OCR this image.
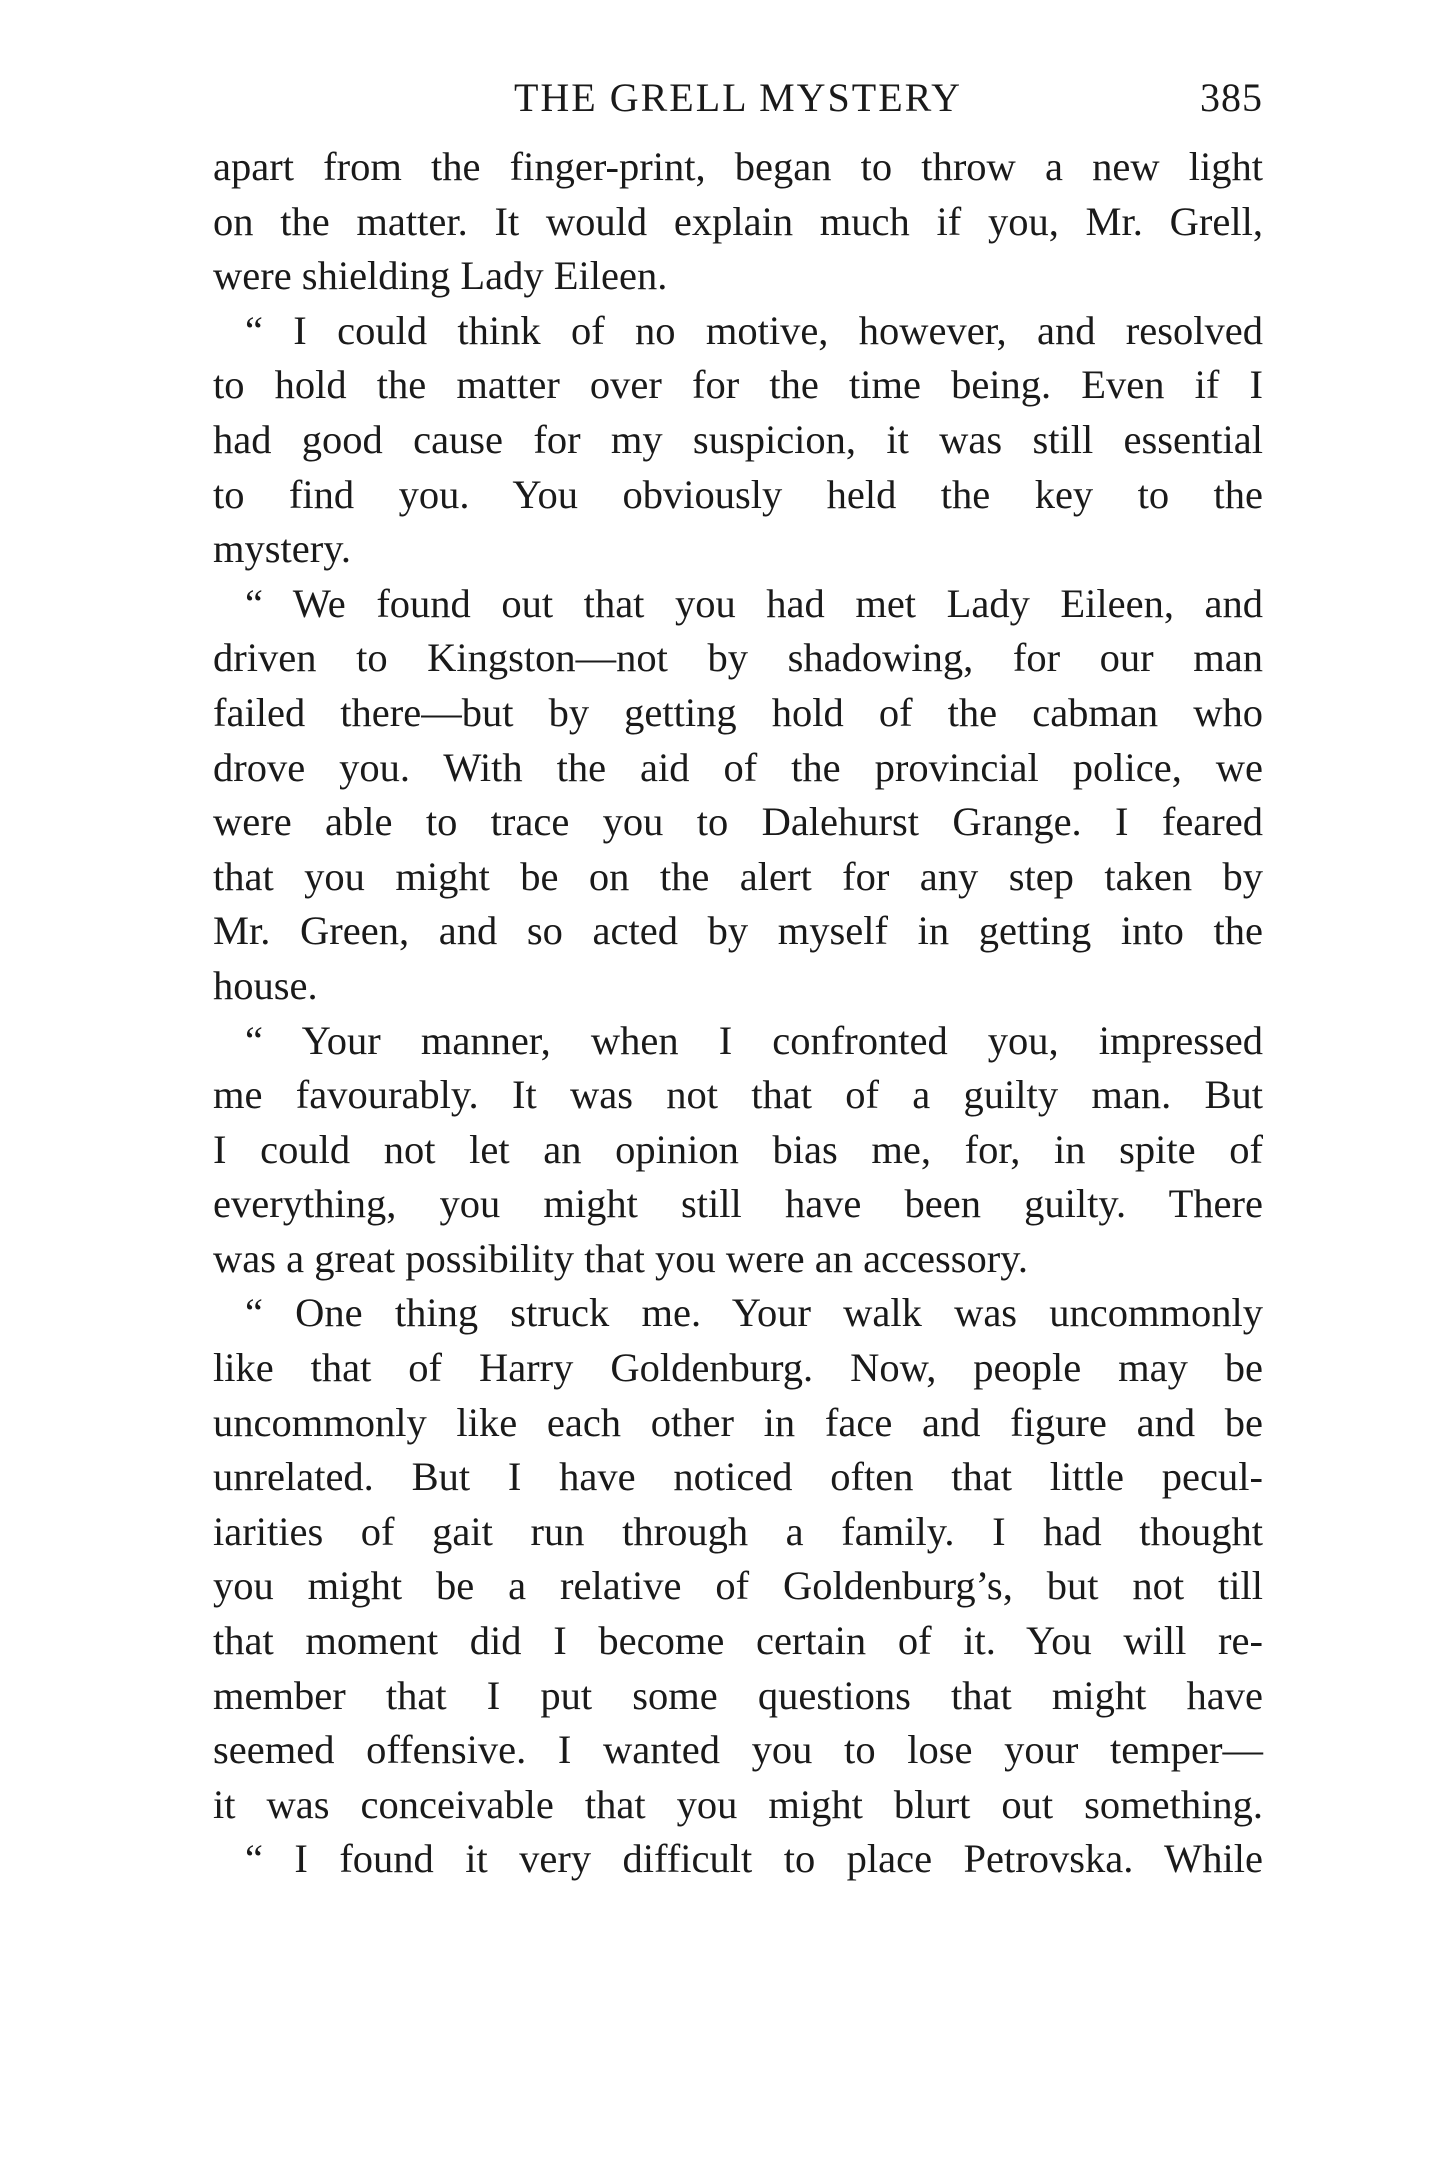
THE GRELL MYSTERY	385
apart from the finger-print, began to throw a new light
on the matter. It would explain much if you, Mr. Grell,
were shielding Lady Eileen.
“ I could think of no motive, however, and resolved
to hold the matter over for the time being. Even if I
had good cause for my suspicion, it was still essential
to find you. You obviously held the key to the
mystery.
“ We found out that you had met Lady Eileen, and
driven to Kingston—not by shadowing, for our man
failed there—but by getting hold of the cabman who
drove you. With the aid of the provincial police, we
were able to trace you to Dalehurst Grange. I feared
that you might be on the alert for any step taken by
Mr. Green, and so acted by myself in getting into the
house.
“ Your manner, when I confronted you, impressed
me favourably. It was not that of a guilty man. But
I could not let an opinion bias me, for, in spite of
everything, you might still have been guilty. There
was a great possibility that you were an accessory.
“ One thing struck me. Your walk was uncommonly
like that of Harry Goldenburg. Now, people may be
uncommonly like each other in face and figure and be
unrelated. But I have noticed often that little pecul-
iarities of gait run through a family. I had thought
you might be a relative of Goldenburg’s, but not till
that moment did I become certain of it. You will re-
member that I put some questions that might have
seemed offensive. I wanted you to lose your temper—
it was conceivable that you might blurt out something.
“ I found it very difficult to place Petrovska. While
